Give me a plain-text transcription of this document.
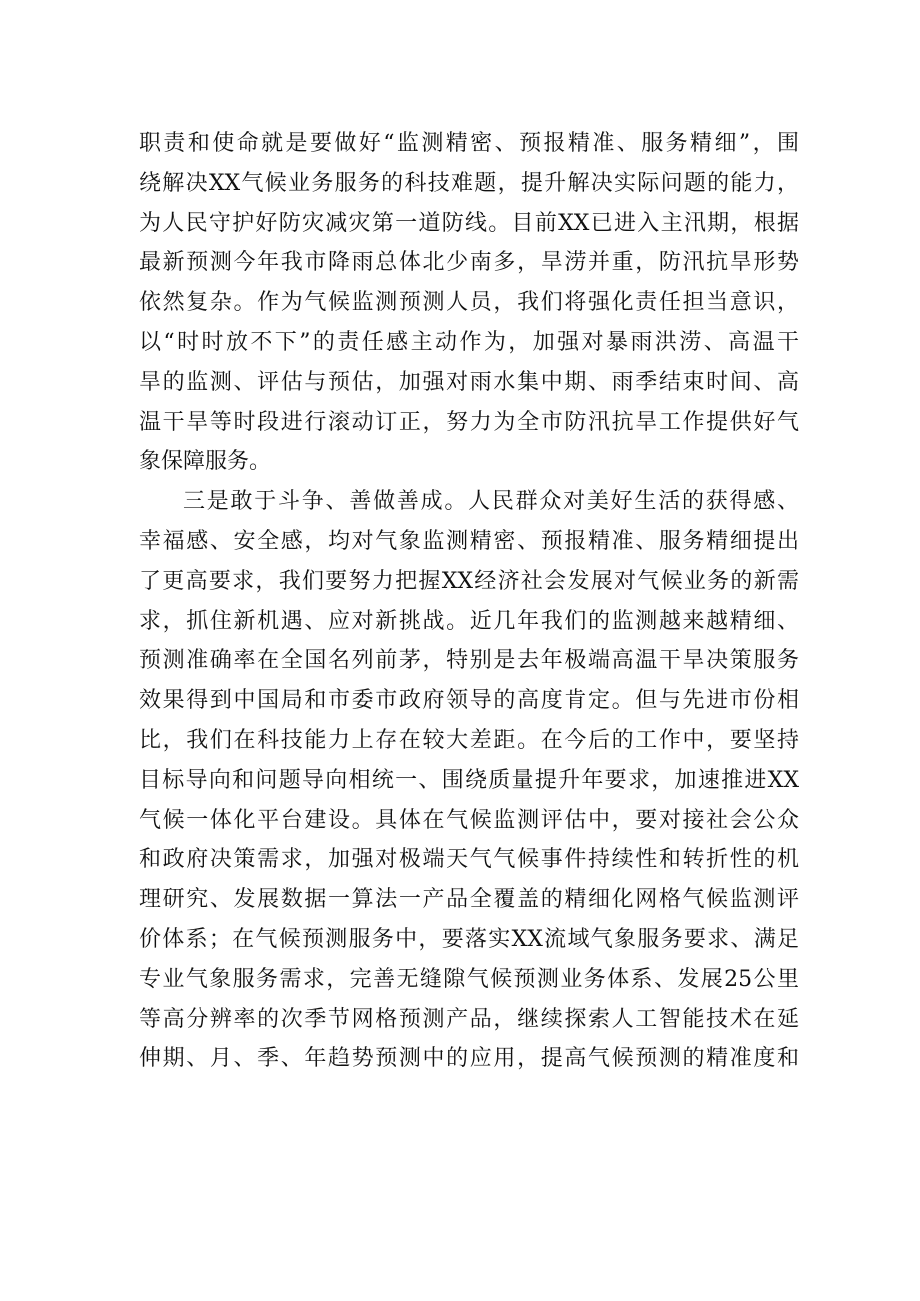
职责和使命就是要做好“监测精密、预报精准、服务精细”，围
绕解决XX气候业务服务的科技难题，提升解决实际问题的能力，
为人民守护好防灾减灾第一道防线。目前XX已进入主汛期，根据
最新预测今年我市降雨总体北少南多，旱涝并重，防汛抗旱形势
依然复杂。作为气候监测预测人员，我们将强化责任担当意识，
以“时时放不下”的责任感主动作为，加强对暴雨洪涝、高温干
旱的监测、评估与预估，加强对雨水集中期、雨季结束时间、高
温干旱等时段进行滚动订正，努力为全市防汛抗旱工作提供好气
象保障服务。
三是敢于斗争、善做善成。人民群众对美好生活的获得感、
幸福感、安全感，均对气象监测精密、预报精准、服务精细提出
了更高要求，我们要努力把握XX经济社会发展对气候业务的新需
求，抓住新机遇、应对新挑战。近几年我们的监测越来越精细、
预测准确率在全国名列前茅，特别是去年极端高温干旱决策服务
效果得到中国局和市委市政府领导的高度肯定。但与先进市份相
比，我们在科技能力上存在较大差距。在今后的工作中，要坚持
目标导向和问题导向相统一、围绕质量提升年要求，加速推进XX
气候一体化平台建设。具体在气候监测评估中，要对接社会公众
和政府决策需求，加强对极端天气气候事件持续性和转折性的机
理研究、发展数据一算法一产品全覆盖的精细化网格气候监测评
价体系；在气候预测服务中，要落实XX流域气象服务要求、满足
专业气象服务需求，完善无缝隙气候预测业务体系、发展25公里
等高分辨率的次季节网格预测产品，继续探索人工智能技术在延
伸期、月、季、年趋势预测中的应用，提高气候预测的精准度和
